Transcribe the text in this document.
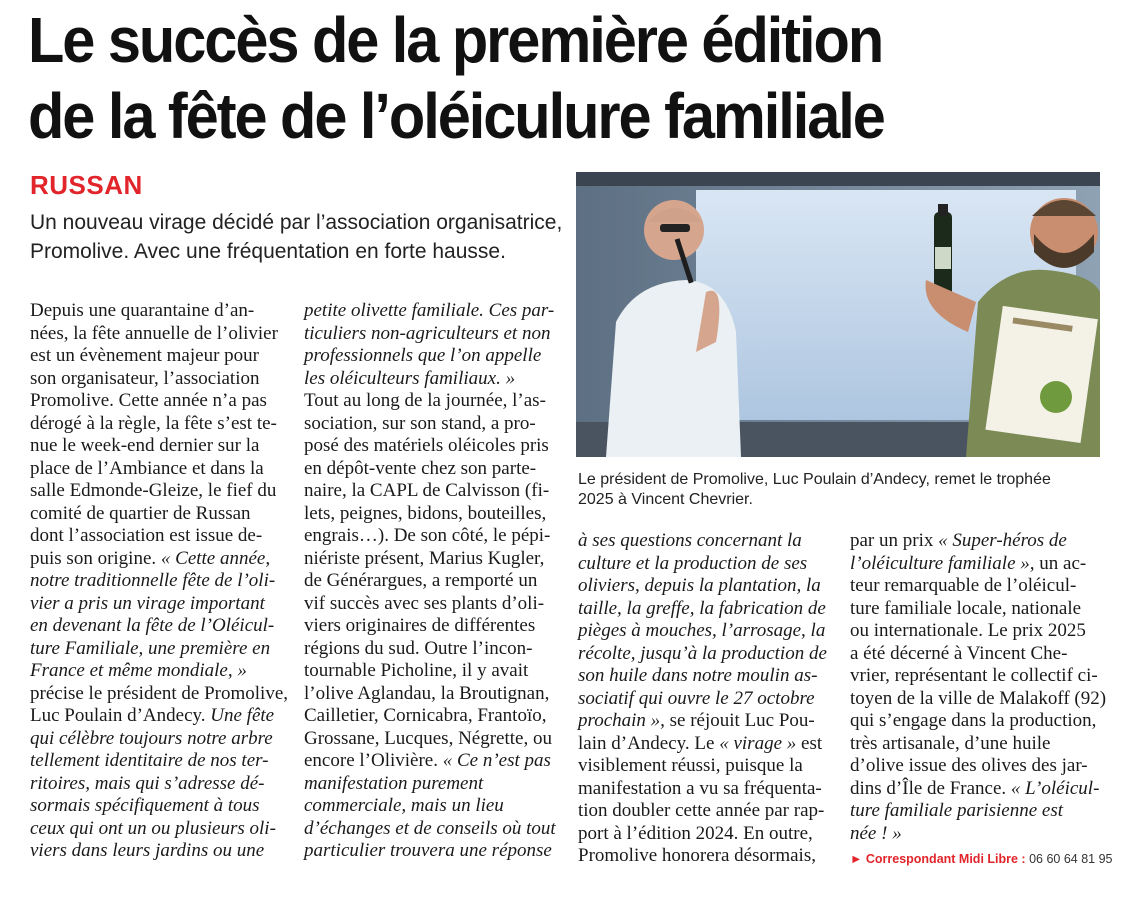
Le succès de la première édition
de la fête de l’oléiculure familiale

RUSSAN

Un nouveau virage décidé par l’association organisatrice,
Promolive. Avec une fréquentation en forte hausse.

Depuis une quarantaine d’an-
nées, la fête annuelle de l’olivier
est un évènement majeur pour
son organisateur, l’association
Promolive. Cette année n’a pas
dérogé à la règle, la fête s’est te-
nue le week-end dernier sur la
place de l’Ambiance et dans la
salle Edmonde-Gleize, le fief du
comité de quartier de Russan
dont l’association est issue de-
puis son origine. « Cette année,
notre traditionnelle fête de l’oli-
vier a pris un virage important
en devenant la fête de l’Oléicul-
ture Familiale, une première en
France et même mondiale, »
précise le président de Promolive,
Luc Poulain d’Andecy. Une fête
qui célèbre toujours notre arbre
tellement identitaire de nos ter-
ritoires, mais qui s’adresse dé-
sormais spécifiquement à tous
ceux qui ont un ou plusieurs oli-
viers dans leurs jardins ou une
petite olivette familiale. Ces par-
ticuliers non-agriculteurs et non
professionnels que l’on appelle
les oléiculteurs familiaux. »
Tout au long de la journée, l’as-
sociation, sur son stand, a pro-
posé des matériels oléicoles pris
en dépôt-vente chez son parte-
naire, la CAPL de Calvisson (fi-
lets, peignes, bidons, bouteilles,
engrais…). De son côté, le pépi-
niériste présent, Marius Kugler,
de Générargues, a remporté un
vif succès avec ses plants d’oli-
viers originaires de différentes
régions du sud. Outre l’incon-
tournable Picholine, il y avait
l’olive Aglandau, la Broutignan,
Cailletier, Cornicabra, Frantoïo,
Grossane, Lucques, Négrette, ou
encore l’Olivière. « Ce n’est pas
manifestation purement
commerciale, mais un lieu
d’échanges et de conseils où tout
particulier trouvera une réponse

Le président de Promolive, Luc Poulain d’Andecy, remet le trophée
2025 à Vincent Chevrier.

à ses questions concernant la
culture et la production de ses
oliviers, depuis la plantation, la
taille, la greffe, la fabrication de
pièges à mouches, l’arrosage, la
récolte, jusqu’à la production de
son huile dans notre moulin as-
sociatif qui ouvre le 27 octobre
prochain », se réjouit Luc Pou-
lain d’Andecy. Le « virage » est
visiblement réussi, puisque la
manifestation a vu sa fréquenta-
tion doubler cette année par rap-
port à l’édition 2024. En outre,
Promolive honorera désormais,
par un prix « Super-héros de
l’oléiculture familiale », un ac-
teur remarquable de l’oléicul-
ture familiale locale, nationale
ou internationale. Le prix 2025
a été décerné à Vincent Che-
vrier, représentant le collectif ci-
toyen de la ville de Malakoff (92)
qui s’engage dans la production,
très artisanale, d’une huile
d’olive issue des olives des jar-
dins d’Île de France. « L’oléicul-
ture familiale parisienne est
née ! »

► Correspondant Midi Libre : 06 60 64 81 95
